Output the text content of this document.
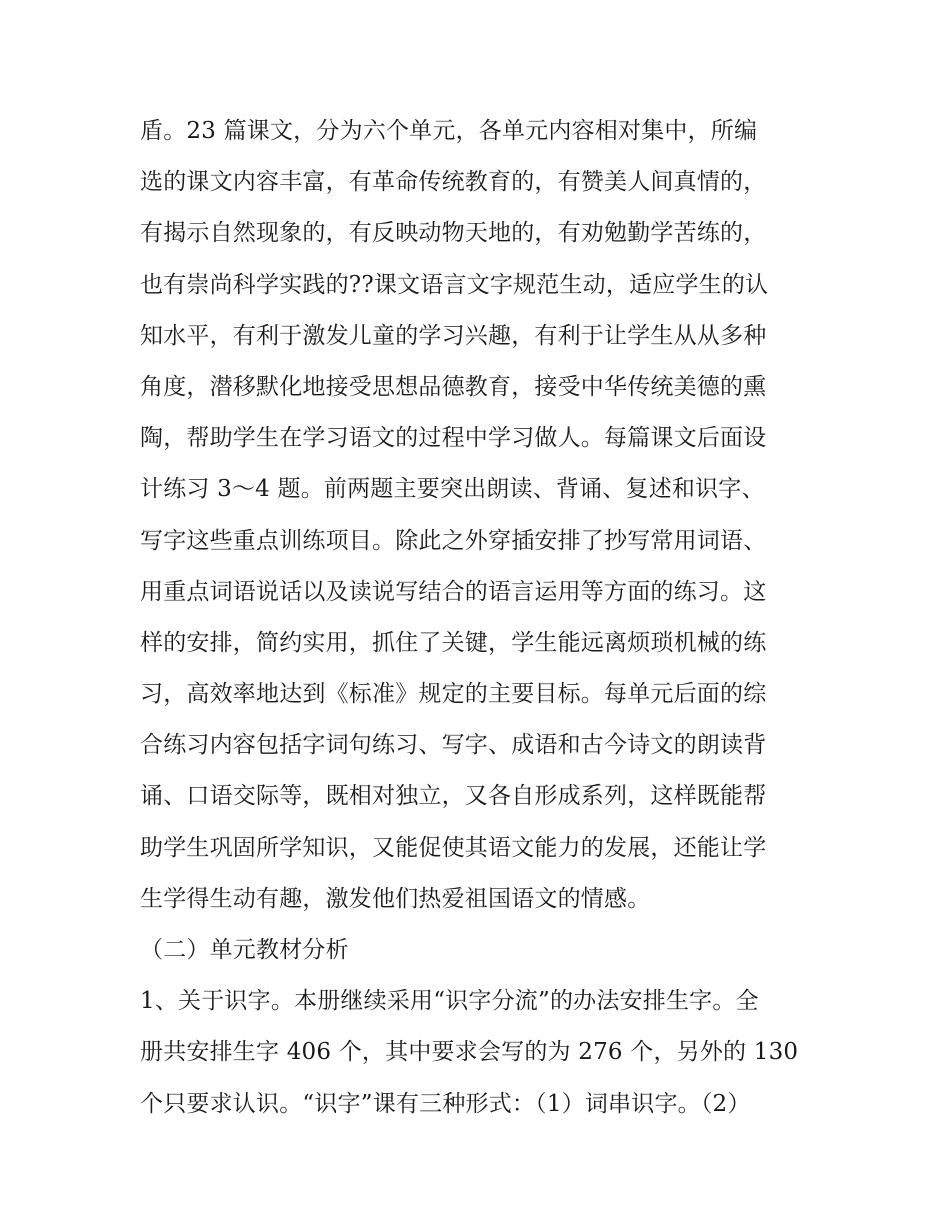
盾。23 篇课文，分为六个单元，各单元内容相对集中，所编
选的课文内容丰富，有革命传统教育的，有赞美人间真情的，
有揭示自然现象的，有反映动物天地的，有劝勉勤学苦练的，
也有崇尚科学实践的??课文语言文字规范生动，适应学生的认
知水平，有利于激发儿童的学习兴趣，有利于让学生从从多种
角度，潜移默化地接受思想品德教育，接受中华传统美德的熏
陶，帮助学生在学习语文的过程中学习做人。每篇课文后面设
计练习 3～4 题。前两题主要突出朗读、背诵、复述和识字、
写字这些重点训练项目。除此之外穿插安排了抄写常用词语、
用重点词语说话以及读说写结合的语言运用等方面的练习。这
样的安排，简约实用，抓住了关键，学生能远离烦琐机械的练
习，高效率地达到《标准》规定的主要目标。每单元后面的综
合练习内容包括字词句练习、写字、成语和古今诗文的朗读背
诵、口语交际等，既相对独立，又各自形成系列，这样既能帮
助学生巩固所学知识，又能促使其语文能力的发展，还能让学
生学得生动有趣，激发他们热爱祖国语文的情感。
（二）单元教材分析
1、关于识字。本册继续采用“识字分流”的办法安排生字。全
册共安排生字 406 个，其中要求会写的为 276 个，另外的 130
个只要求认识。“识字”课有三种形式：（1）词串识字。（2）
